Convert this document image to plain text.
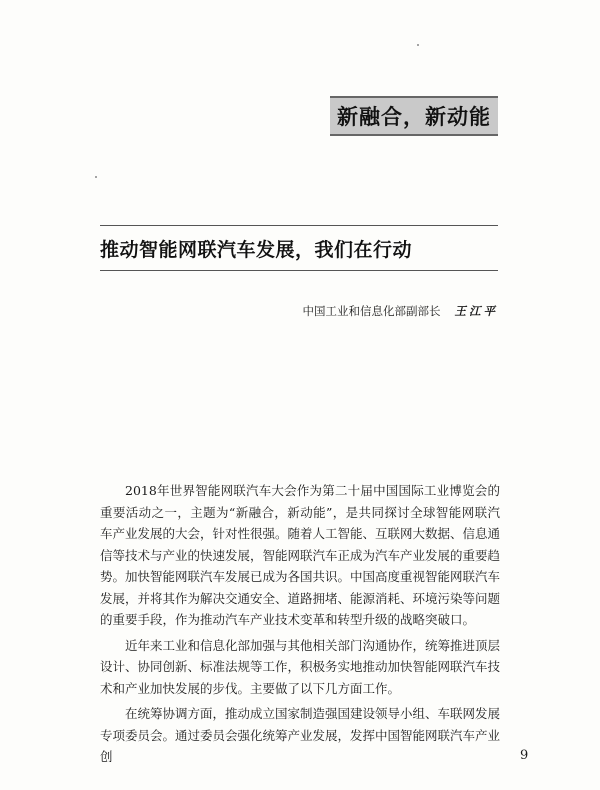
新融合，新动能
推动智能网联汽车发展，我们在行动
中国工业和信息化部副部长 王江平

2018年世界智能网联汽车大会作为第二十届中国国际工业博览会的重要活动之一，主题为“新融合，新动能”，是共同探讨全球智能网联汽车产业发展的大会，针对性很强。随着人工智能、互联网大数据、信息通信等技术与产业的快速发展，智能网联汽车正成为汽车产业发展的重要趋势。加快智能网联汽车发展已成为各国共识。中国高度重视智能网联汽车发展，并将其作为解决交通安全、道路拥堵、能源消耗、环境污染等问题的重要手段，作为推动汽车产业技术变革和转型升级的战略突破口。

近年来工业和信息化部加强与其他相关部门沟通协作，统筹推进顶层设计、协同创新、标准法规等工作，积极务实地推动加快智能网联汽车技术和产业加快发展的步伐。主要做了以下几方面工作。

在统筹协调方面，推动成立国家制造强国建设领导小组、车联网发展专项委员会。通过委员会强化统筹产业发展，发挥中国智能网联汽车产业创	9
